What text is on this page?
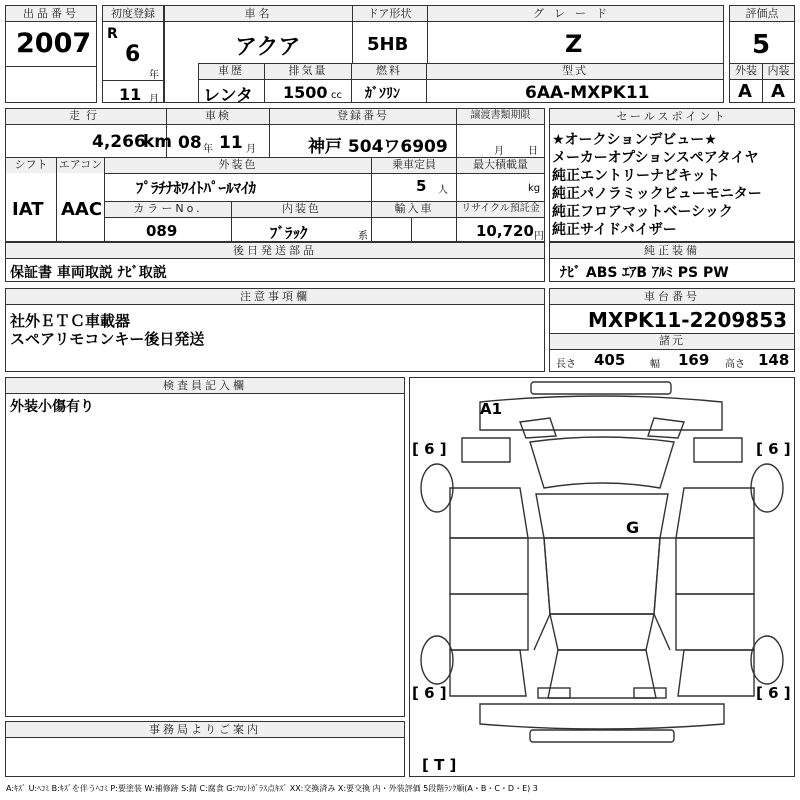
出品番号
2007
初度登録
R
6
年
11 月
車名	ドア形状	グレード
アクア	5HB	Z
車歴	排気量	燃料	型式
レンタ 1500 cc ｶﾞｿﾘﾝ	6AA-MXPK11
評価点
5
外装 内装
A A
走行	車検	登録番号	譲渡書類期限
4,266
km 08 年 11 月	神戸 504ワ6909	月 日
シフト	エアコン	外装色	乗車定員	最大積載量
IAT AAC
ﾌﾟﾗﾁﾅﾎﾜｲﾄﾊﾟｰﾙﾏｲｶ	5 人	kg
カラーNo.	内装色	輸入車	リサイクル預託金
089	ﾌﾞﾗｯｸ	系	10,720 円
セールスポイント
★オークションデビュー★
メーカーオプションスペアタイヤ
純正エントリーナビキット
純正パノラミックビューモニター
純正フロアマットベーシック
純正サイドバイザー
後日発送部品
保証書 車両取説 ﾅﾋﾞ取説
純正装備
ﾅﾋﾞ ABS ｴｱB ｱﾙﾐ PS PW
注意事項欄
社外ＥＴＣ車載器
スペアリモコンキー後日発送
車台番号
MXPK11-2209853
諸元
長さ 405 幅 169 高さ 148
検査員記入欄
外装小傷有り
事務局よりご案内
A1
G
[ 6 ]	[ 6 ]
[ 6 ]	[ 6 ]
[ T ]
A:ｷｽﾞ U:ﾍｺﾐ B:ｷｽﾞを伴うﾍｺﾐ P:要塗装 W:補修跡 S:錆 C:腐食 G:ﾌﾛﾝﾄｶﾞﾗｽ点ｷｽﾞ XX:交換済み X:要交換 内・外装評価 5段階ﾗﾝｸ順(A・B・C・D・E) 3
